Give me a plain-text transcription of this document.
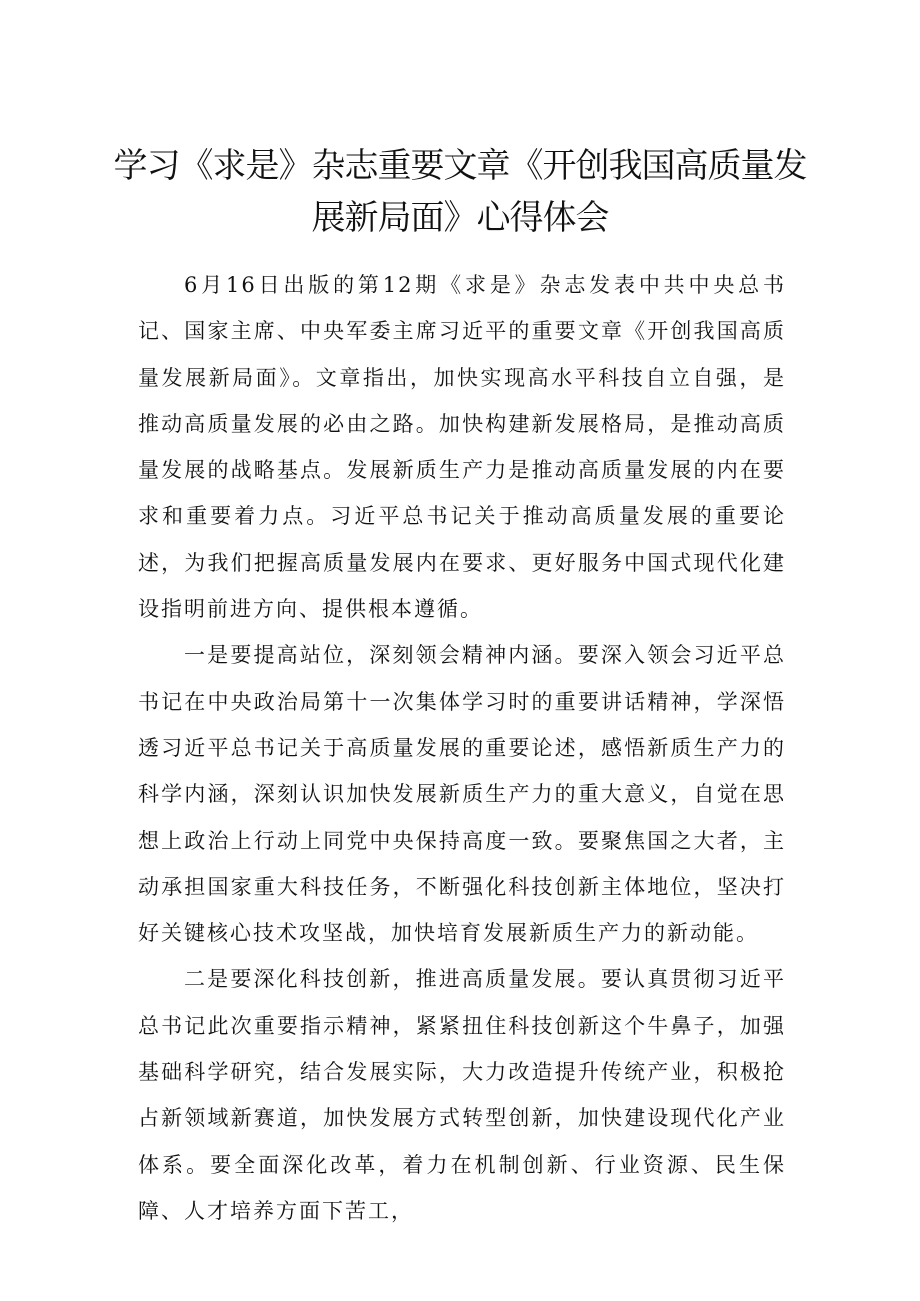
学习《求是》杂志重要文章《开创我国高质量发展新局面》心得体会

6月16日出版的第12期《求是》杂志发表中共中央总书记、国家主席、中央军委主席习近平的重要文章《开创我国高质量发展新局面》。文章指出，加快实现高水平科技自立自强，是推动高质量发展的必由之路。加快构建新发展格局，是推动高质量发展的战略基点。发展新质生产力是推动高质量发展的内在要求和重要着力点。习近平总书记关于推动高质量发展的重要论述，为我们把握高质量发展内在要求、更好服务中国式现代化建设指明前进方向、提供根本遵循。

一是要提高站位，深刻领会精神内涵。要深入领会习近平总书记在中央政治局第十一次集体学习时的重要讲话精神，学深悟透习近平总书记关于高质量发展的重要论述，感悟新质生产力的科学内涵，深刻认识加快发展新质生产力的重大意义，自觉在思想上政治上行动上同党中央保持高度一致。要聚焦国之大者，主动承担国家重大科技任务，不断强化科技创新主体地位，坚决打好关键核心技术攻坚战，加快培育发展新质生产力的新动能。

二是要深化科技创新，推进高质量发展。要认真贯彻习近平总书记此次重要指示精神，紧紧扭住科技创新这个牛鼻子，加强基础科学研究，结合发展实际，大力改造提升传统产业，积极抢占新领域新赛道，加快发展方式转型创新，加快建设现代化产业体系。要全面深化改革，着力在机制创新、行业资源、民生保障、人才培养方面下苦工，
